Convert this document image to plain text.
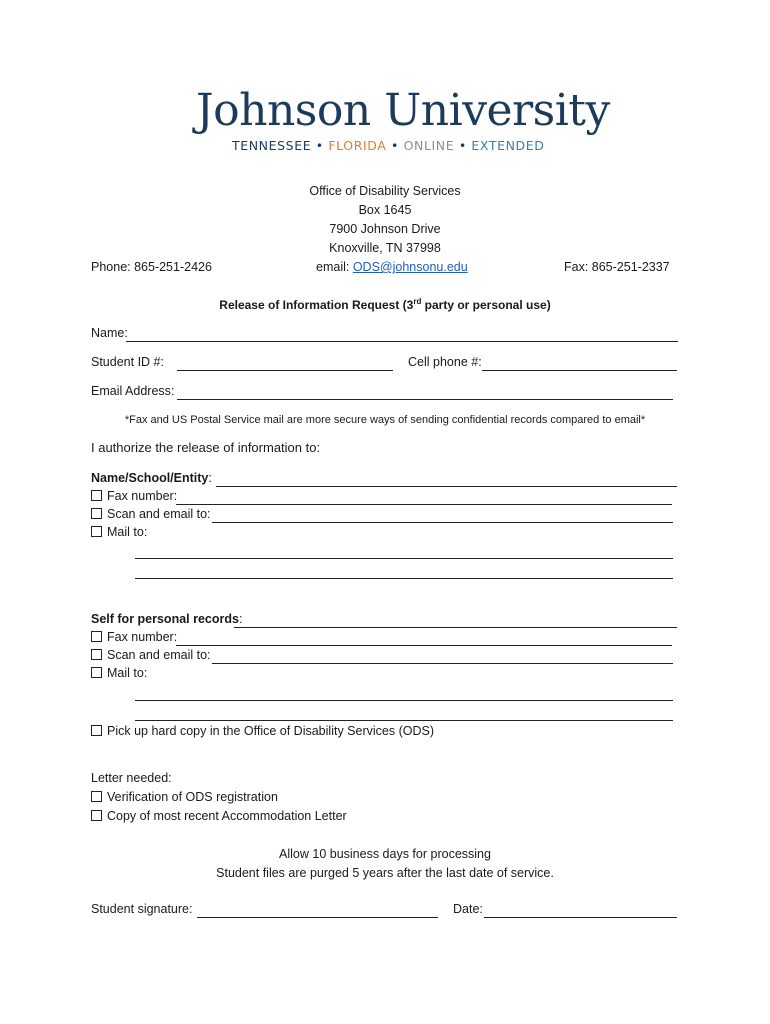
Johnson University
TENNESSEE • FLORIDA • ONLINE • EXTENDED
Office of Disability Services
Box 1645
7900 Johnson Drive
Knoxville, TN 37998
email: ODS@johnsonu.edu
Phone: 865-251-2426	Fax: 865-251-2337
Release of Information Request (3rd party or personal use)
Name:
Student ID #:	Cell phone #:
Email Address:
*Fax and US Postal Service mail are more secure ways of sending confidential records compared to email*
I authorize the release of information to:
Name/School/Entity:
Fax number:
Scan and email to:
Mail to:
Self for personal records:
Fax number:
Scan and email to:
Mail to:
Pick up hard copy in the Office of Disability Services (ODS)
Letter needed:
Verification of ODS registration
Copy of most recent Accommodation Letter
Allow 10 business days for processing
Student files are purged 5 years after the last date of service.
Student signature:	Date:
